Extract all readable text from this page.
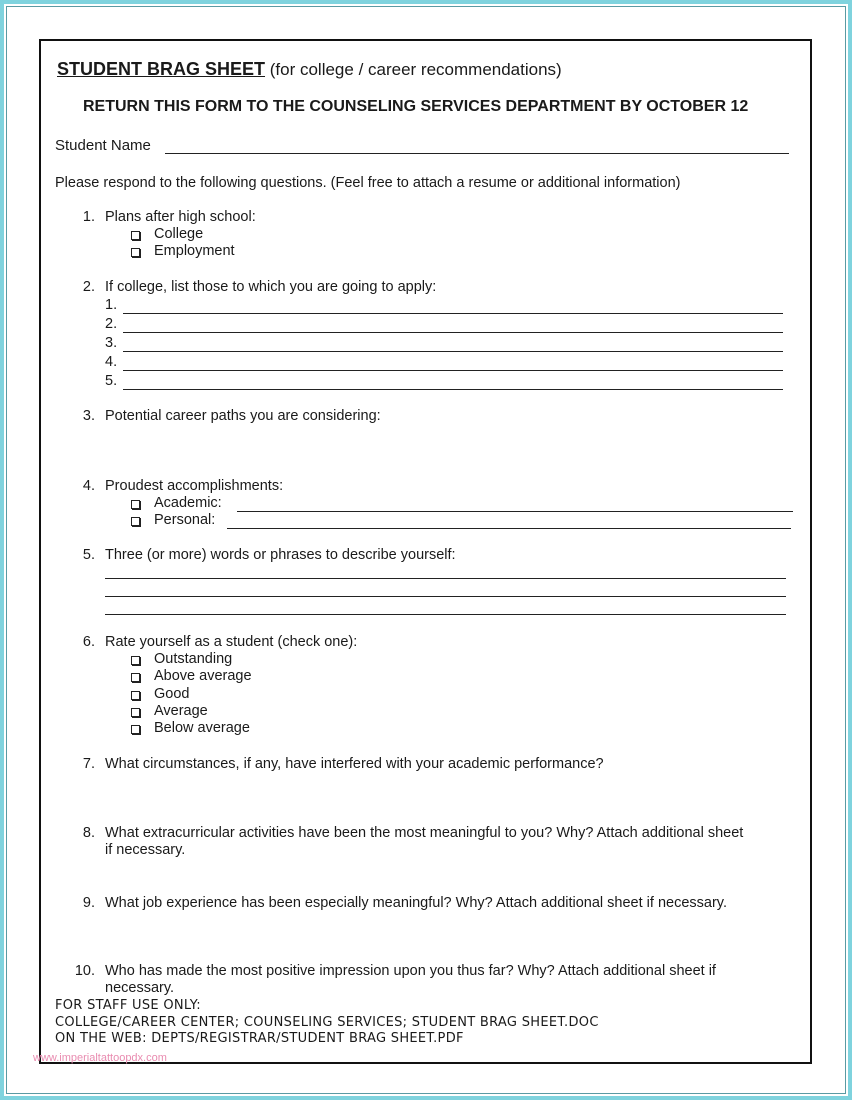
STUDENT BRAG SHEET (for college / career recommendations)
RETURN THIS FORM TO THE COUNSELING SERVICES DEPARTMENT BY OCTOBER 12
Student Name
Please respond to the following questions. (Feel free to attach a resume or additional information)
1. Plans after high school:
College
Employment
2. If college, list those to which you are going to apply:
1.
2.
3.
4.
5.
3. Potential career paths you are considering:
4. Proudest accomplishments:
Academic:
Personal:
5. Three (or more) words or phrases to describe yourself:
6. Rate yourself as a student (check one):
Outstanding
Above average
Good
Average
Below average
7. What circumstances, if any, have interfered with your academic performance?
8. What extracurricular activities have been the most meaningful to you? Why? Attach additional sheet
if necessary.
9. What job experience has been especially meaningful? Why? Attach additional sheet if necessary.
10. Who has made the most positive impression upon you thus far? Why? Attach additional sheet if
necessary.
FOR STAFF USE ONLY:
COLLEGE/CAREER CENTER; COUNSELING SERVICES; STUDENT BRAG SHEET.DOC
ON THE WEB: DEPTS/REGISTRAR/STUDENT BRAG SHEET.PDF
www.imperialtattoopdx.com
